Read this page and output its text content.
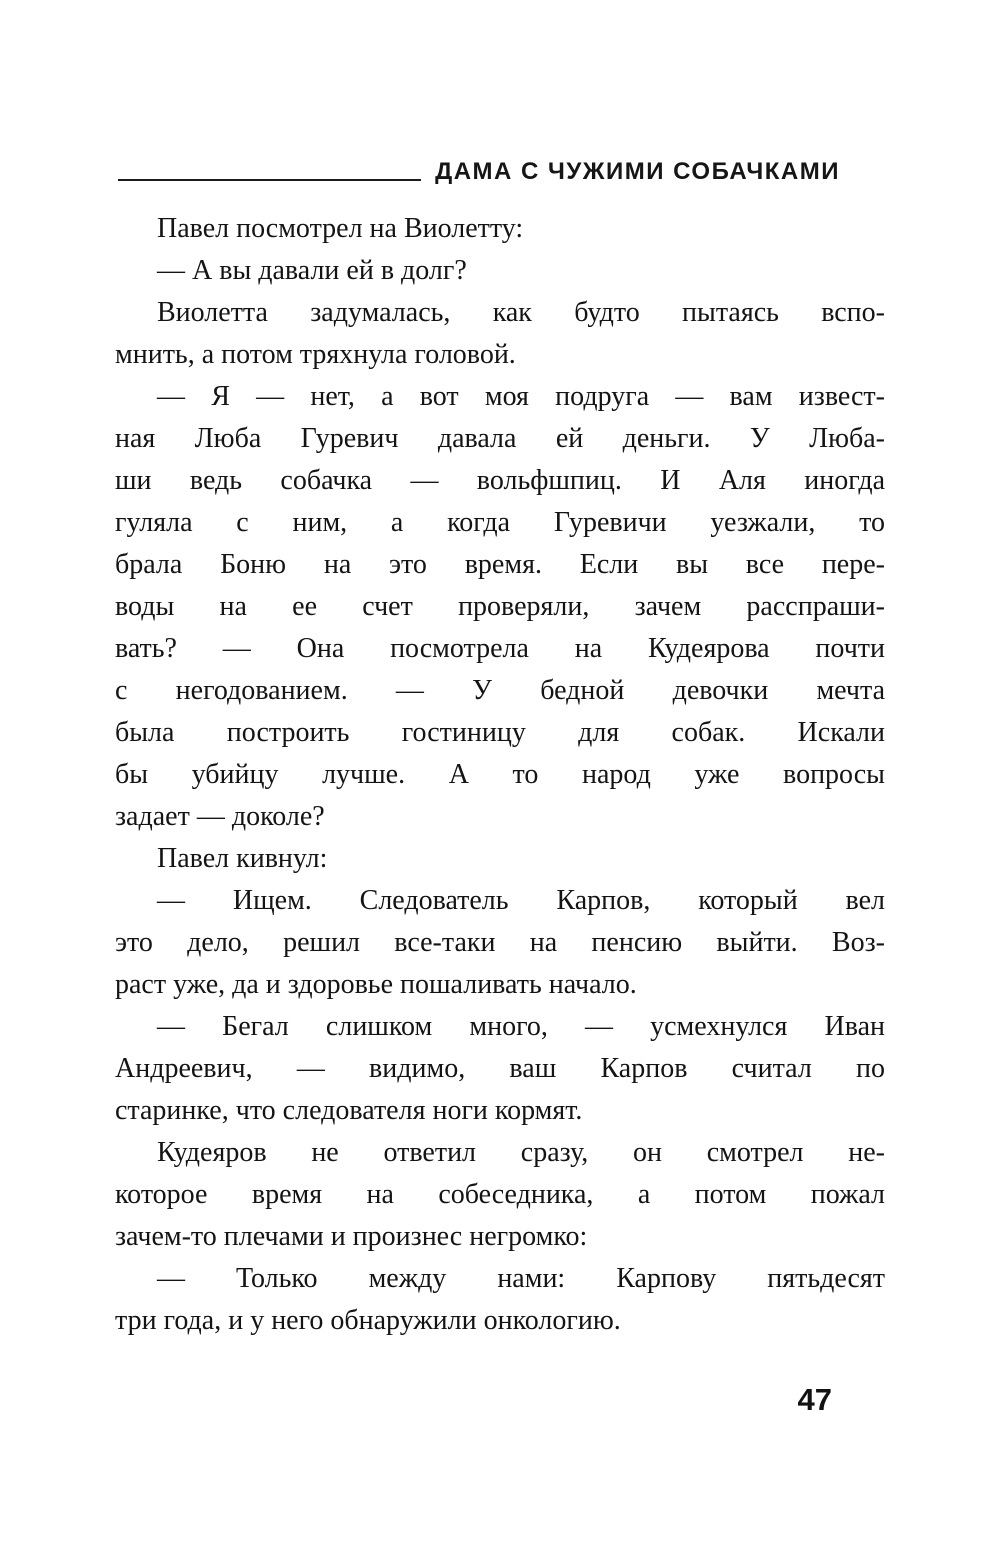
ДАМА С ЧУЖИМИ СОБАЧКАМИ
Павел посмотрел на Виолетту:
— А вы давали ей в долг?
Виолетта задумалась, как будто пытаясь вспо-
мнить, а потом тряхнула головой.
— Я — нет, а вот моя подруга — вам извест-
ная Люба Гуревич давала ей деньги. У Люба-
ши ведь собачка — вольфшпиц. И Аля иногда
гуляла с ним, а когда Гуревичи уезжали, то
брала Боню на это время. Если вы все пере-
воды на ее счет проверяли, зачем расспраши-
вать? — Она посмотрела на Кудеярова почти
с негодованием. — У бедной девочки мечта
была построить гостиницу для собак. Искали
бы убийцу лучше. А то народ уже вопросы
задает — доколе?
Павел кивнул:
— Ищем. Следователь Карпов, который вел
это дело, решил все-таки на пенсию выйти. Воз-
раст уже, да и здоровье пошаливать начало.
— Бегал слишком много, — усмехнулся Иван
Андреевич, — видимо, ваш Карпов считал по
старинке, что следователя ноги кормят.
Кудеяров не ответил сразу, он смотрел не-
которое время на собеседника, а потом пожал
зачем-то плечами и произнес негромко:
— Только между нами: Карпову пятьдесят
три года, и у него обнаружили онкологию.
47
